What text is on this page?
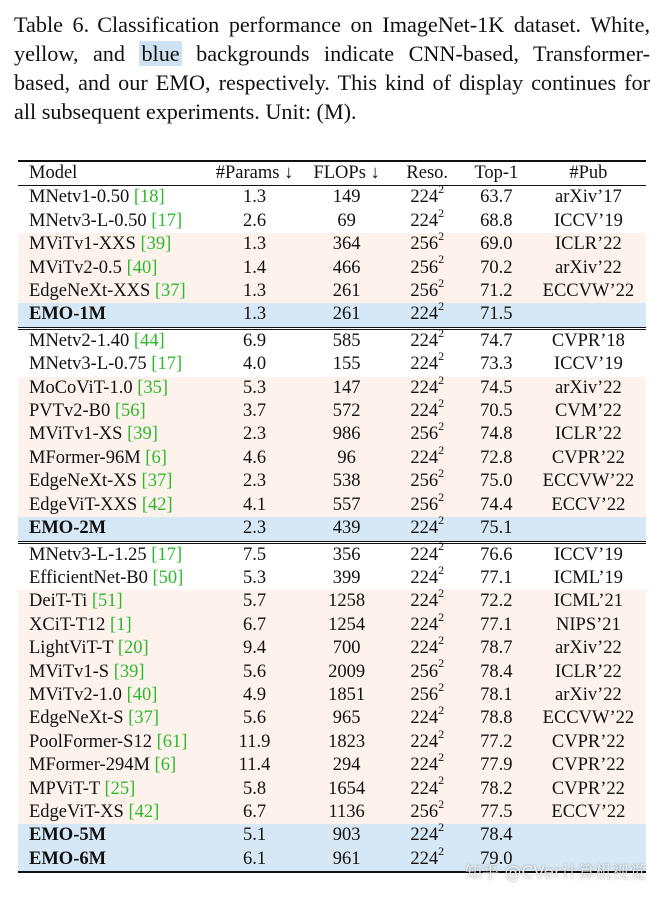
Table 6. Classification performance on ImageNet-1K dataset. White, yellow, and blue backgrounds indicate CNN-based, Transformer-based, and our EMO, respectively. This kind of display continues for all subsequent experiments. Unit: (M).

Model	#Params ↓	FLOPs ↓	Reso.	Top-1	#Pub
MNetv1-0.50 [18]	1.3	149	$224^2$	63.7	arXiv’17
MNetv3-L-0.50 [17]	2.6	69	$224^2$	68.8	ICCV’19
MViTv1-XXS [39]	1.3	364	$256^2$	69.0	ICLR’22
MViTv2-0.5 [40]	1.4	466	$256^2$	70.2	arXiv’22
EdgeNeXt-XXS [37]	1.3	261	$256^2$	71.2	ECCVW’22
EMO-1M	1.3	261	$224^2$	71.5	
MNetv2-1.40 [44]	6.9	585	$224^2$	74.7	CVPR’18
MNetv3-L-0.75 [17]	4.0	155	$224^2$	73.3	ICCV’19
MoCoViT-1.0 [35]	5.3	147	$224^2$	74.5	arXiv’22
PVTv2-B0 [56]	3.7	572	$224^2$	70.5	CVM’22
MViTv1-XS [39]	2.3	986	$256^2$	74.8	ICLR’22
MFormer-96M [6]	4.6	96	$224^2$	72.8	CVPR’22
EdgeNeXt-XS [37]	2.3	538	$256^2$	75.0	ECCVW’22
EdgeViT-XXS [42]	4.1	557	$256^2$	74.4	ECCV’22
EMO-2M	2.3	439	$224^2$	75.1	
MNetv3-L-1.25 [17]	7.5	356	$224^2$	76.6	ICCV’19
EfficientNet-B0 [50]	5.3	399	$224^2$	77.1	ICML’19
DeiT-Ti [51]	5.7	1258	$224^2$	72.2	ICML’21
XCiT-T12 [1]	6.7	1254	$224^2$	77.1	NIPS’21
LightViT-T [20]	9.4	700	$224^2$	78.7	arXiv’22
MViTv1-S [39]	5.6	2009	$256^2$	78.4	ICLR’22
MViTv2-1.0 [40]	4.9	1851	$256^2$	78.1	arXiv’22
EdgeNeXt-S [37]	5.6	965	$224^2$	78.8	ECCVW’22
PoolFormer-S12 [61]	11.9	1823	$224^2$	77.2	CVPR’22
MFormer-294M [6]	11.4	294	$224^2$	77.9	CVPR’22
MPViT-T [25]	5.8	1654	$224^2$	78.2	CVPR’22
EdgeViT-XS [42]	6.7	1136	$256^2$	77.5	ECCV’22
EMO-5M	5.1	903	$224^2$	78.4	
EMO-6M	6.1	961	$224^2$	79.0	
知乎 @CVer计算机视觉
